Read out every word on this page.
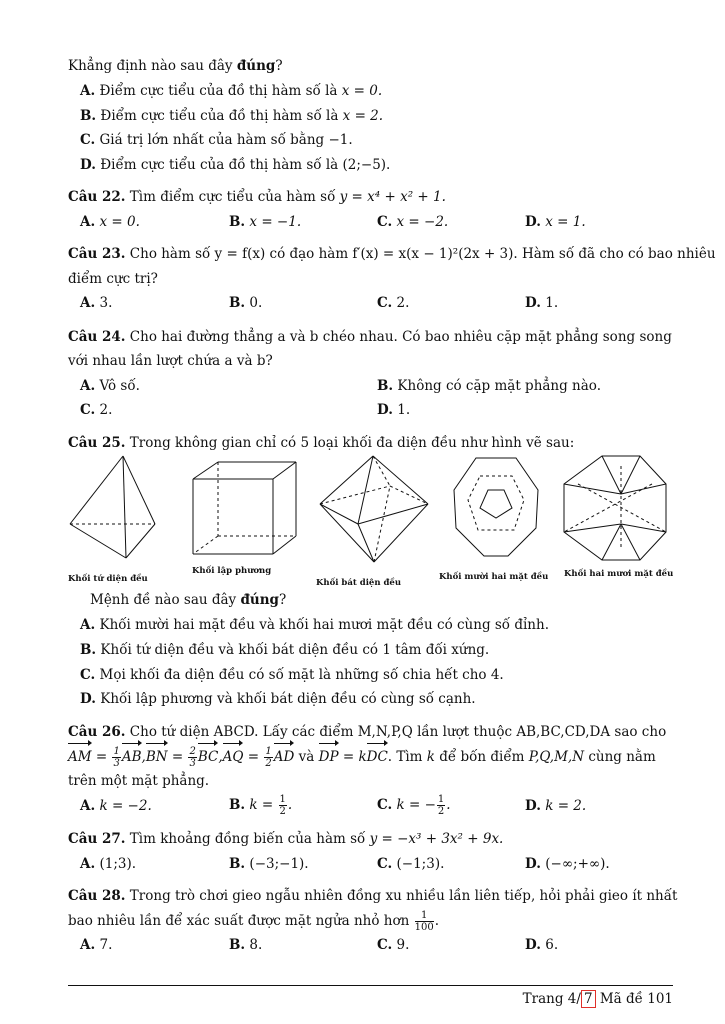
Khẳng định nào sau đây đúng?
A. Điểm cực tiểu của đồ thị hàm số là x = 0.
B. Điểm cực tiểu của đồ thị hàm số là x = 2.
C. Giá trị lớn nhất của hàm số bằng −1.
D. Điểm cực tiểu của đồ thị hàm số là (2;−5).
Câu 22. Tìm điểm cực tiểu của hàm số y = x⁴ + x² + 1.
A. x = 0.	B. x = −1.	C. x = −2.	D. x = 1.
Câu 23. Cho hàm số y = f(x) có đạo hàm f′(x) = x(x − 1)²(2x + 3). Hàm số đã cho có bao nhiêu
điểm cực trị?
A. 3.	B. 0.	C. 2.	D. 1.
Câu 24. Cho hai đường thẳng a và b chéo nhau. Có bao nhiêu cặp mặt phẳng song song
với nhau lần lượt chứa a và b?
A. Vô số.	B. Không có cặp mặt phẳng nào.
C. 2.	D. 1.
Câu 25. Trong không gian chỉ có 5 loại khối đa diện đều như hình vẽ sau:
Khối tứ diện đều
Khối lập phương
Khối bát diện đều
Khối mười hai mặt đều Khối hai mươi mặt đều
Mệnh đề nào sau đây đúng?
A. Khối mười hai mặt đều và khối hai mươi mặt đều có cùng số đỉnh.
B. Khối tứ diện đều và khối bát diện đều có 1 tâm đối xứng.
C. Mọi khối đa diện đều có số mặt là những số chia hết cho 4.
D. Khối lập phương và khối bát diện đều có cùng số cạnh.
Câu 26. Cho tứ diện ABCD. Lấy các điểm M,N,P,Q lần lượt thuộc AB,BC,CD,DA sao cho
AM = $\frac{1}{3} AB,BN = \frac{2}{3} BC,AQ = \frac{1}{2}$ AD và DP = kDC. Tìm k để bốn điểm P,Q,M,N cùng nằm
trên một mặt phẳng.
A. k = −2.	B. $k = \frac{1}{2}$ .	C. k = − $\frac{1}{2}$ .	D. k = 2.
Câu 27. Tìm khoảng đồng biến của hàm số y = −x³ + 3x² + 9x.
A. (1;3).	B. (−3;−1).	C. (−1;3).	D. (−∞;+∞).
Câu 28. Trong trò chơi gieo ngẫu nhiên đồng xu nhiều lần liên tiếp, hỏi phải gieo ít nhất
bao nhiêu lần để xác suất được mặt ngửa nhỏ hơn $\frac{1}{100}$ .
A. 7.	B. 8.	C. 9.	D. 6.
Trang 4/ 7 Mã đề 101
